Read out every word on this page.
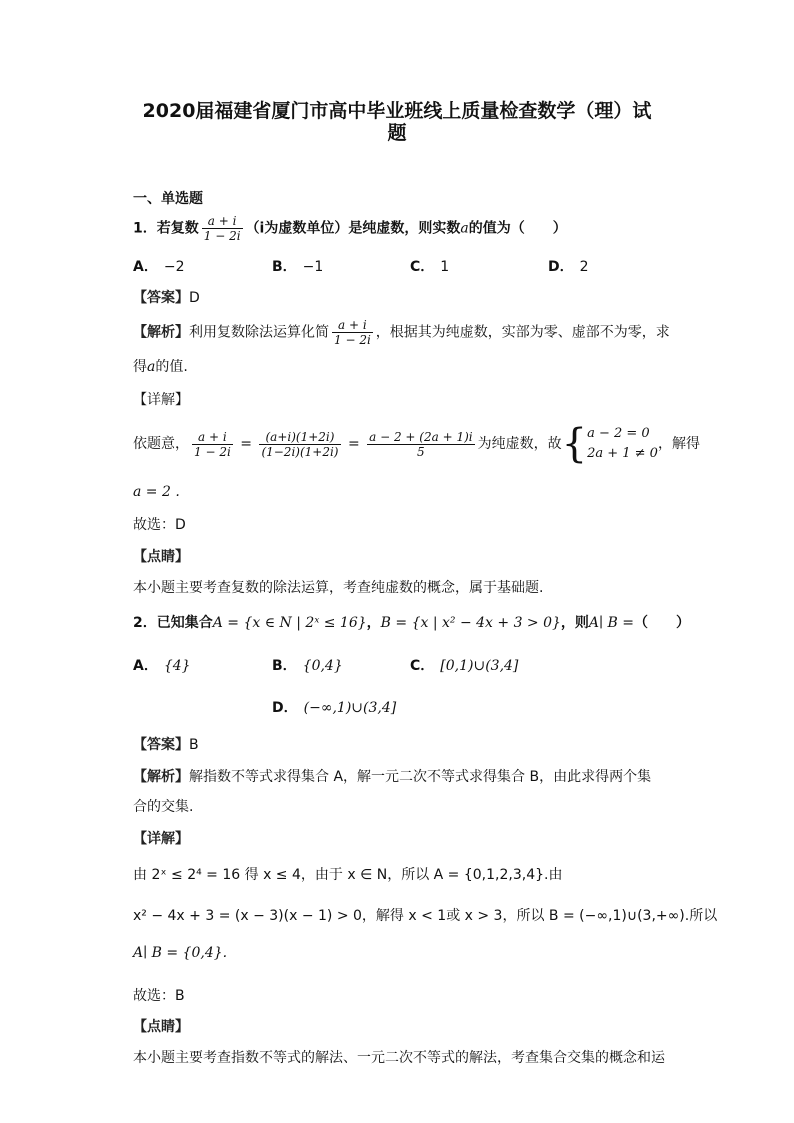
2020届福建省厦门市高中毕业班线上质量检查数学（理）试
题
一、单选题
1．若复数 $\frac{a + i}{1 - 2i} (i$为虚数单位）是纯虚数，则实数a的值为（　　）
A． −2	B． −1	C． 1	D． 2
【答案】D
【解析】利用复数除法运算化简 $\frac{a + i}{1 - 2i}$ ，根据其为纯虚数，实部为零、虚部不为零，求
得a的值.
【详解】
依题意， $\frac{a + i}{1 - 2i} = \frac{(a+i)(1+2i)}{(1-2i)(1+2i)} = \frac{a - 2 + (2a + 1)i}{5}$ 为纯虚数，故{ a − 2 = 0
2a + 1 ≠ 0
，解得
a = 2 .
故选：D
【点睛】
本小题主要考查复数的除法运算，考查纯虚数的概念，属于基础题.
2．已知集合A = {x ∈ N | 2ˣ ≤ 16}，B = {x | x² − 4x + 3 > 0}，则A∣ B =（　　）
A． {4}	B． {0,4}	C． [0,1)∪(3,4]
D． (−∞,1)∪(3,4]
【答案】B
【解析】解指数不等式求得集合 A，解一元二次不等式求得集合 B，由此求得两个集
合的交集.
【详解】
由 2ˣ ≤ 2⁴ = 16 得 x ≤ 4，由于 x ∈ N，所以 A = {0,1,2,3,4}.由
x² − 4x + 3 = (x − 3)(x − 1) > 0，解得 x < 1或 x > 3，所以 B = (−∞,1)∪(3,+∞).所以
A∣ B = {0,4}.
故选：B
【点睛】
本小题主要考查指数不等式的解法、一元二次不等式的解法，考查集合交集的概念和运
